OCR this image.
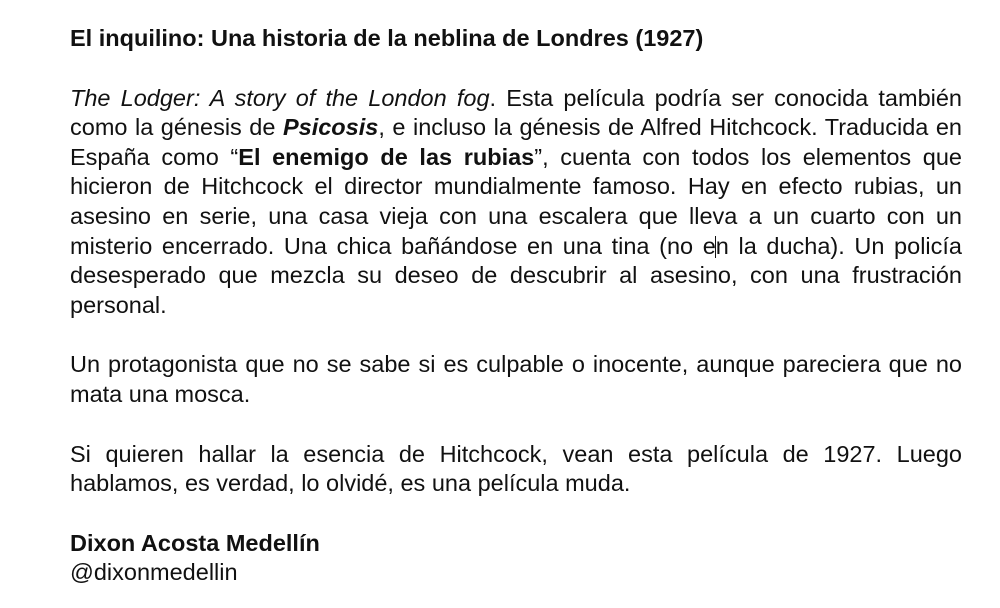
El inquilino: Una historia de la neblina de Londres (1927)
The Lodger: A story of the London fog. Esta película podría ser conocida también como la génesis de Psicosis, e incluso la génesis de Alfred Hitchcock. Traducida en España como “El enemigo de las rubias”, cuenta con todos los elementos que hicieron de Hitchcock el director mundialmente famoso. Hay en efecto rubias, un asesino en serie, una casa vieja con una escalera que lleva a un cuarto con un misterio encerrado. Una chica bañándose en una tina (no en la ducha). Un policía desesperado que mezcla su deseo de descubrir al asesino, con una frustración personal.
Un protagonista que no se sabe si es culpable o inocente, aunque pareciera que no mata una mosca.
Si quieren hallar la esencia de Hitchcock, vean esta película de 1927. Luego hablamos, es verdad, lo olvidé, es una película muda.
Dixon Acosta Medellín
@dixonmedellin
